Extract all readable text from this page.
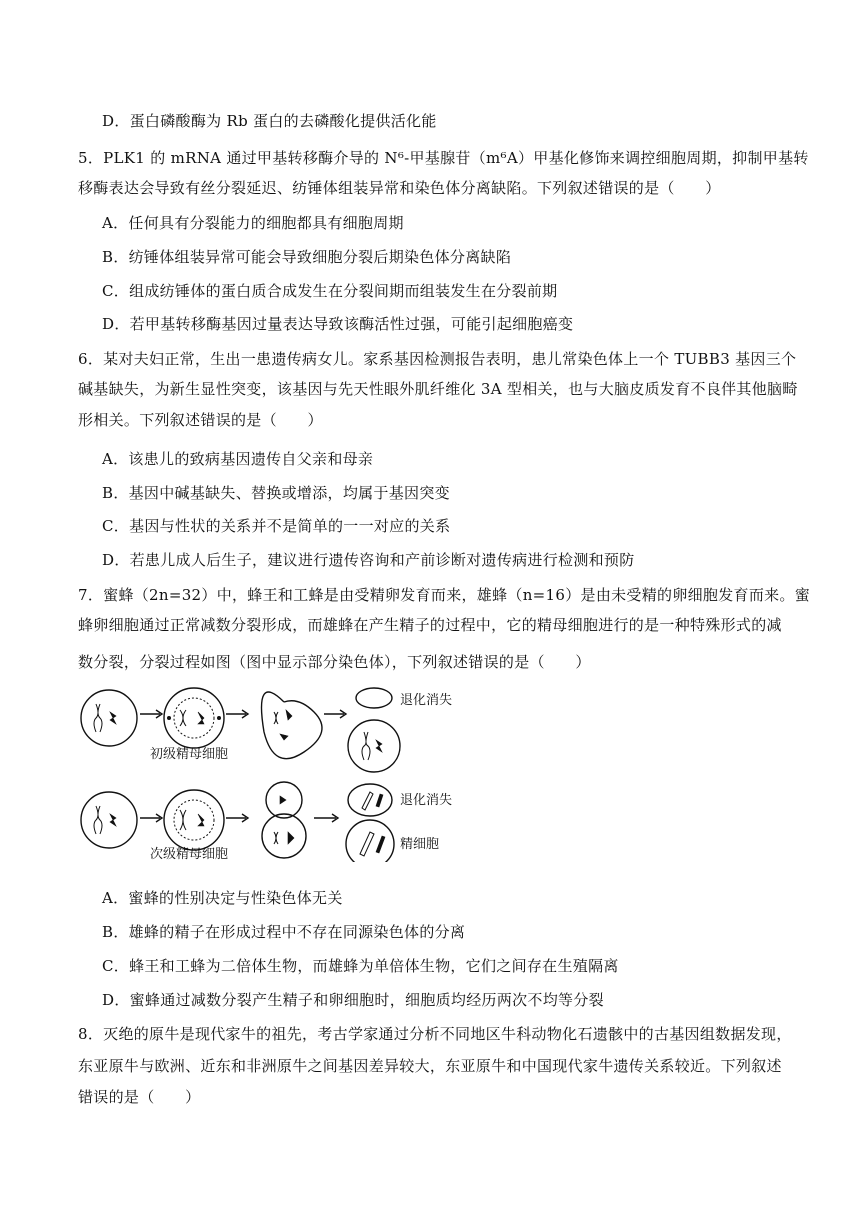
D．蛋白磷酸酶为 Rb 蛋白的去磷酸化提供活化能
5．PLK1 的 mRNA 通过甲基转移酶介导的 N⁶-甲基腺苷（m⁶A）甲基化修饰来调控细胞周期，抑制甲基转
移酶表达会导致有丝分裂延迟、纺锤体组装异常和染色体分离缺陷。下列叙述错误的是（　　）
A．任何具有分裂能力的细胞都具有细胞周期
B．纺锤体组装异常可能会导致细胞分裂后期染色体分离缺陷
C．组成纺锤体的蛋白质合成发生在分裂间期而组装发生在分裂前期
D．若甲基转移酶基因过量表达导致该酶活性过强，可能引起细胞癌变
6．某对夫妇正常，生出一患遗传病女儿。家系基因检测报告表明，患儿常染色体上一个 TUBB3 基因三个
碱基缺失，为新生显性突变，该基因与先天性眼外肌纤维化 3A 型相关，也与大脑皮质发育不良伴其他脑畸
形相关。下列叙述错误的是（　　）
A．该患儿的致病基因遗传自父亲和母亲
B．基因中碱基缺失、替换或增添，均属于基因突变
C．基因与性状的关系并不是简单的一一对应的关系
D．若患儿成人后生子，建议进行遗传咨询和产前诊断对遗传病进行检测和预防
7．蜜蜂（2n=32）中，蜂王和工蜂是由受精卵发育而来，雄蜂（n=16）是由未受精的卵细胞发育而来。蜜
蜂卵细胞通过正常减数分裂形成，而雄蜂在产生精子的过程中，它的精母细胞进行的是一种特殊形式的减
数分裂，分裂过程如图（图中显示部分染色体），下列叙述错误的是（　　）
退化消失
初级精母细胞
退化消失
精细胞
次级精母细胞
A．蜜蜂的性别决定与性染色体无关
B．雄蜂的精子在形成过程中不存在同源染色体的分离
C．蜂王和工蜂为二倍体生物，而雄蜂为单倍体生物，它们之间存在生殖隔离
D．蜜蜂通过减数分裂产生精子和卵细胞时，细胞质均经历两次不均等分裂
8．灭绝的原牛是现代家牛的祖先，考古学家通过分析不同地区牛科动物化石遗骸中的古基因组数据发现，
东亚原牛与欧洲、近东和非洲原牛之间基因差异较大，东亚原牛和中国现代家牛遗传关系较近。下列叙述
错误的是（　　）
